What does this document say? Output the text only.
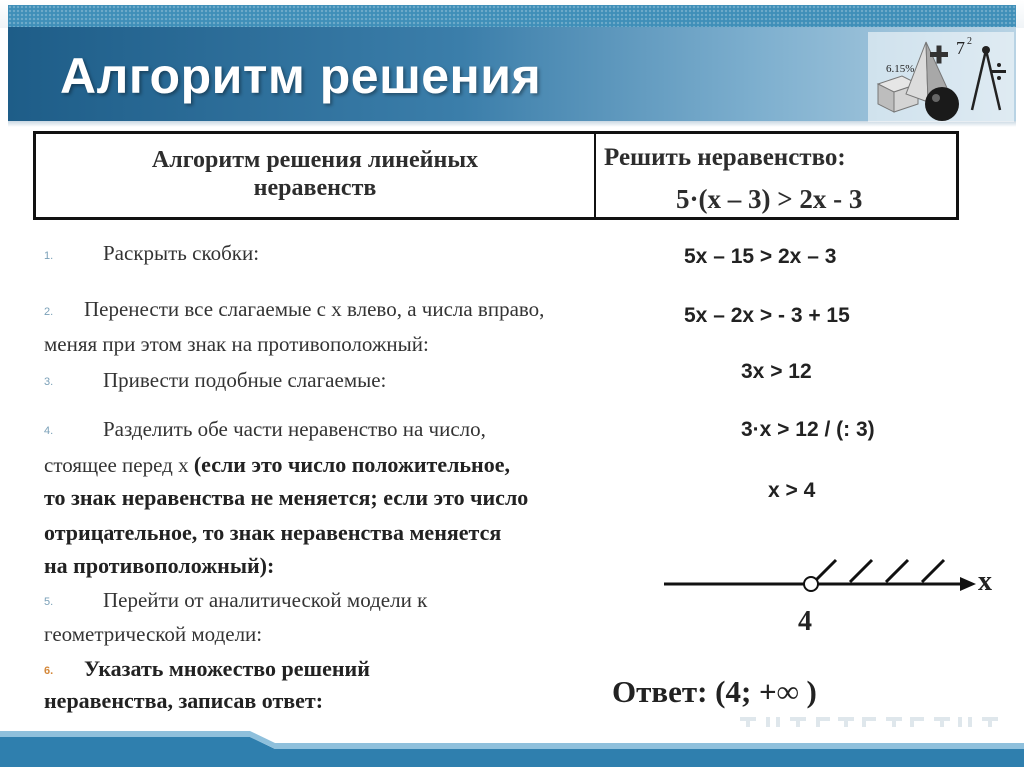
Алгоритм решения	7 2
6.15%
Алгоритм решения линейных
неравенств
Решить неравенство:
5·(x – 3) > 2x - 3
1. Раскрыть скобки:
2. Перенести все слагаемые с х влево, а числа вправо,
меняя при этом знак на противоположный:
3. Привести подобные слагаемые:
4. Разделить обе части неравенство на число,
стоящее перед х (если это число положительное,
то знак неравенства не меняется; если это число
отрицательное, то знак неравенства меняется
на противоположный):
5. Перейти от аналитической модели к
геометрической модели:
6. Указать множество решений
неравенства, записав ответ:
5x – 15 > 2x – 3
5x – 2x > - 3 + 15
3x > 12
3·x > 12 / (: 3)
x > 4
4
x
Ответ: (4; +∞ )
